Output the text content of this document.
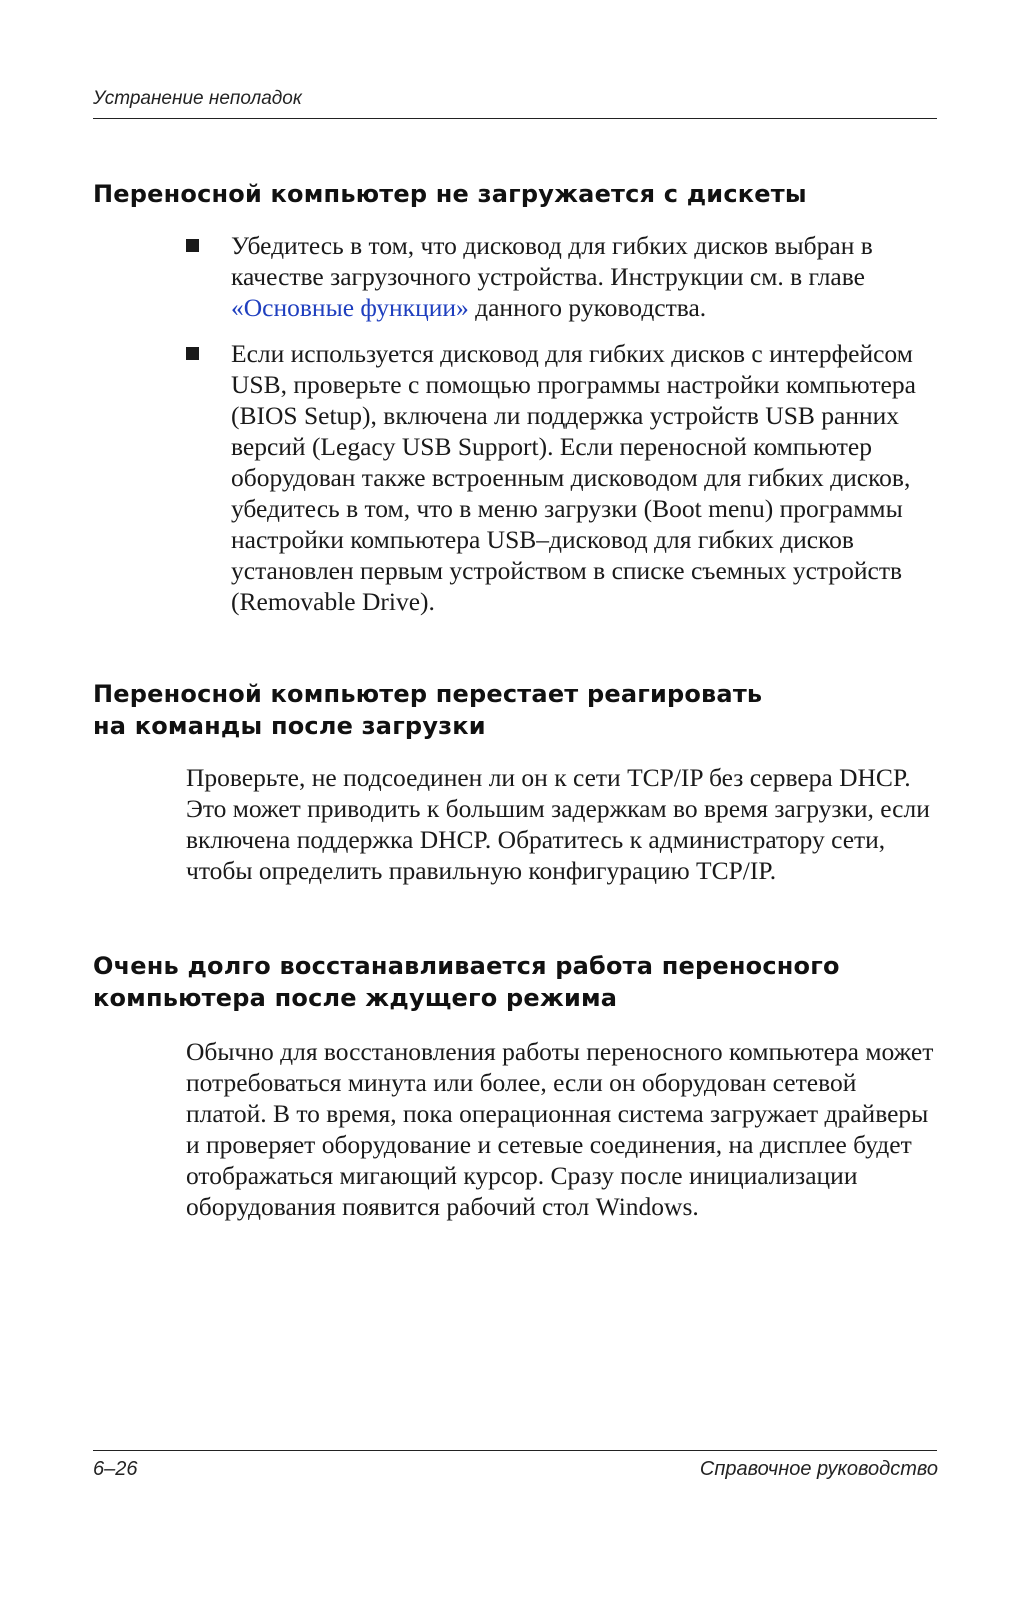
Устранение неполадок
Переносной компьютер не загружается с дискеты

Убедитесь в том, что дисковод для гибких дисков выбран в качестве загрузочного устройства. Инструкции см. в главе «Основные функции» данного руководства.

Если используется дисковод для гибких дисков с интерфейсом USB, проверьте с помощью программы настройки компьютера (BIOS Setup), включена ли поддержка устройств USB ранних версий (Legacy USB Support). Если переносной компьютер оборудован также встроенным дисководом для гибких дисков, убедитесь в том, что в меню загрузки (Boot menu) программы настройки компьютера USB–дисковод для гибких дисков установлен первым устройством в списке съемных устройств (Removable Drive).

Переносной компьютер перестает реагировать
на команды после загрузки

Проверьте, не подсоединен ли он к сети TCP/IP без сервера DHCP. Это может приводить к большим задержкам во время загрузки, если включена поддержка DHCP. Обратитесь к администратору сети, чтобы определить правильную конфигурацию TCP/IP.

Очень долго восстанавливается работа переносного
компьютера после ждущего режима

Обычно для восстановления работы переносного компьютера может потребоваться минута или более, если он оборудован сетевой платой. В то время, пока операционная система загружает драйверы и проверяет оборудование и сетевые соединения, на дисплее будет отображаться мигающий курсор. Сразу после инициализации оборудования появится рабочий стол Windows.

6–26	Справочное руководство
